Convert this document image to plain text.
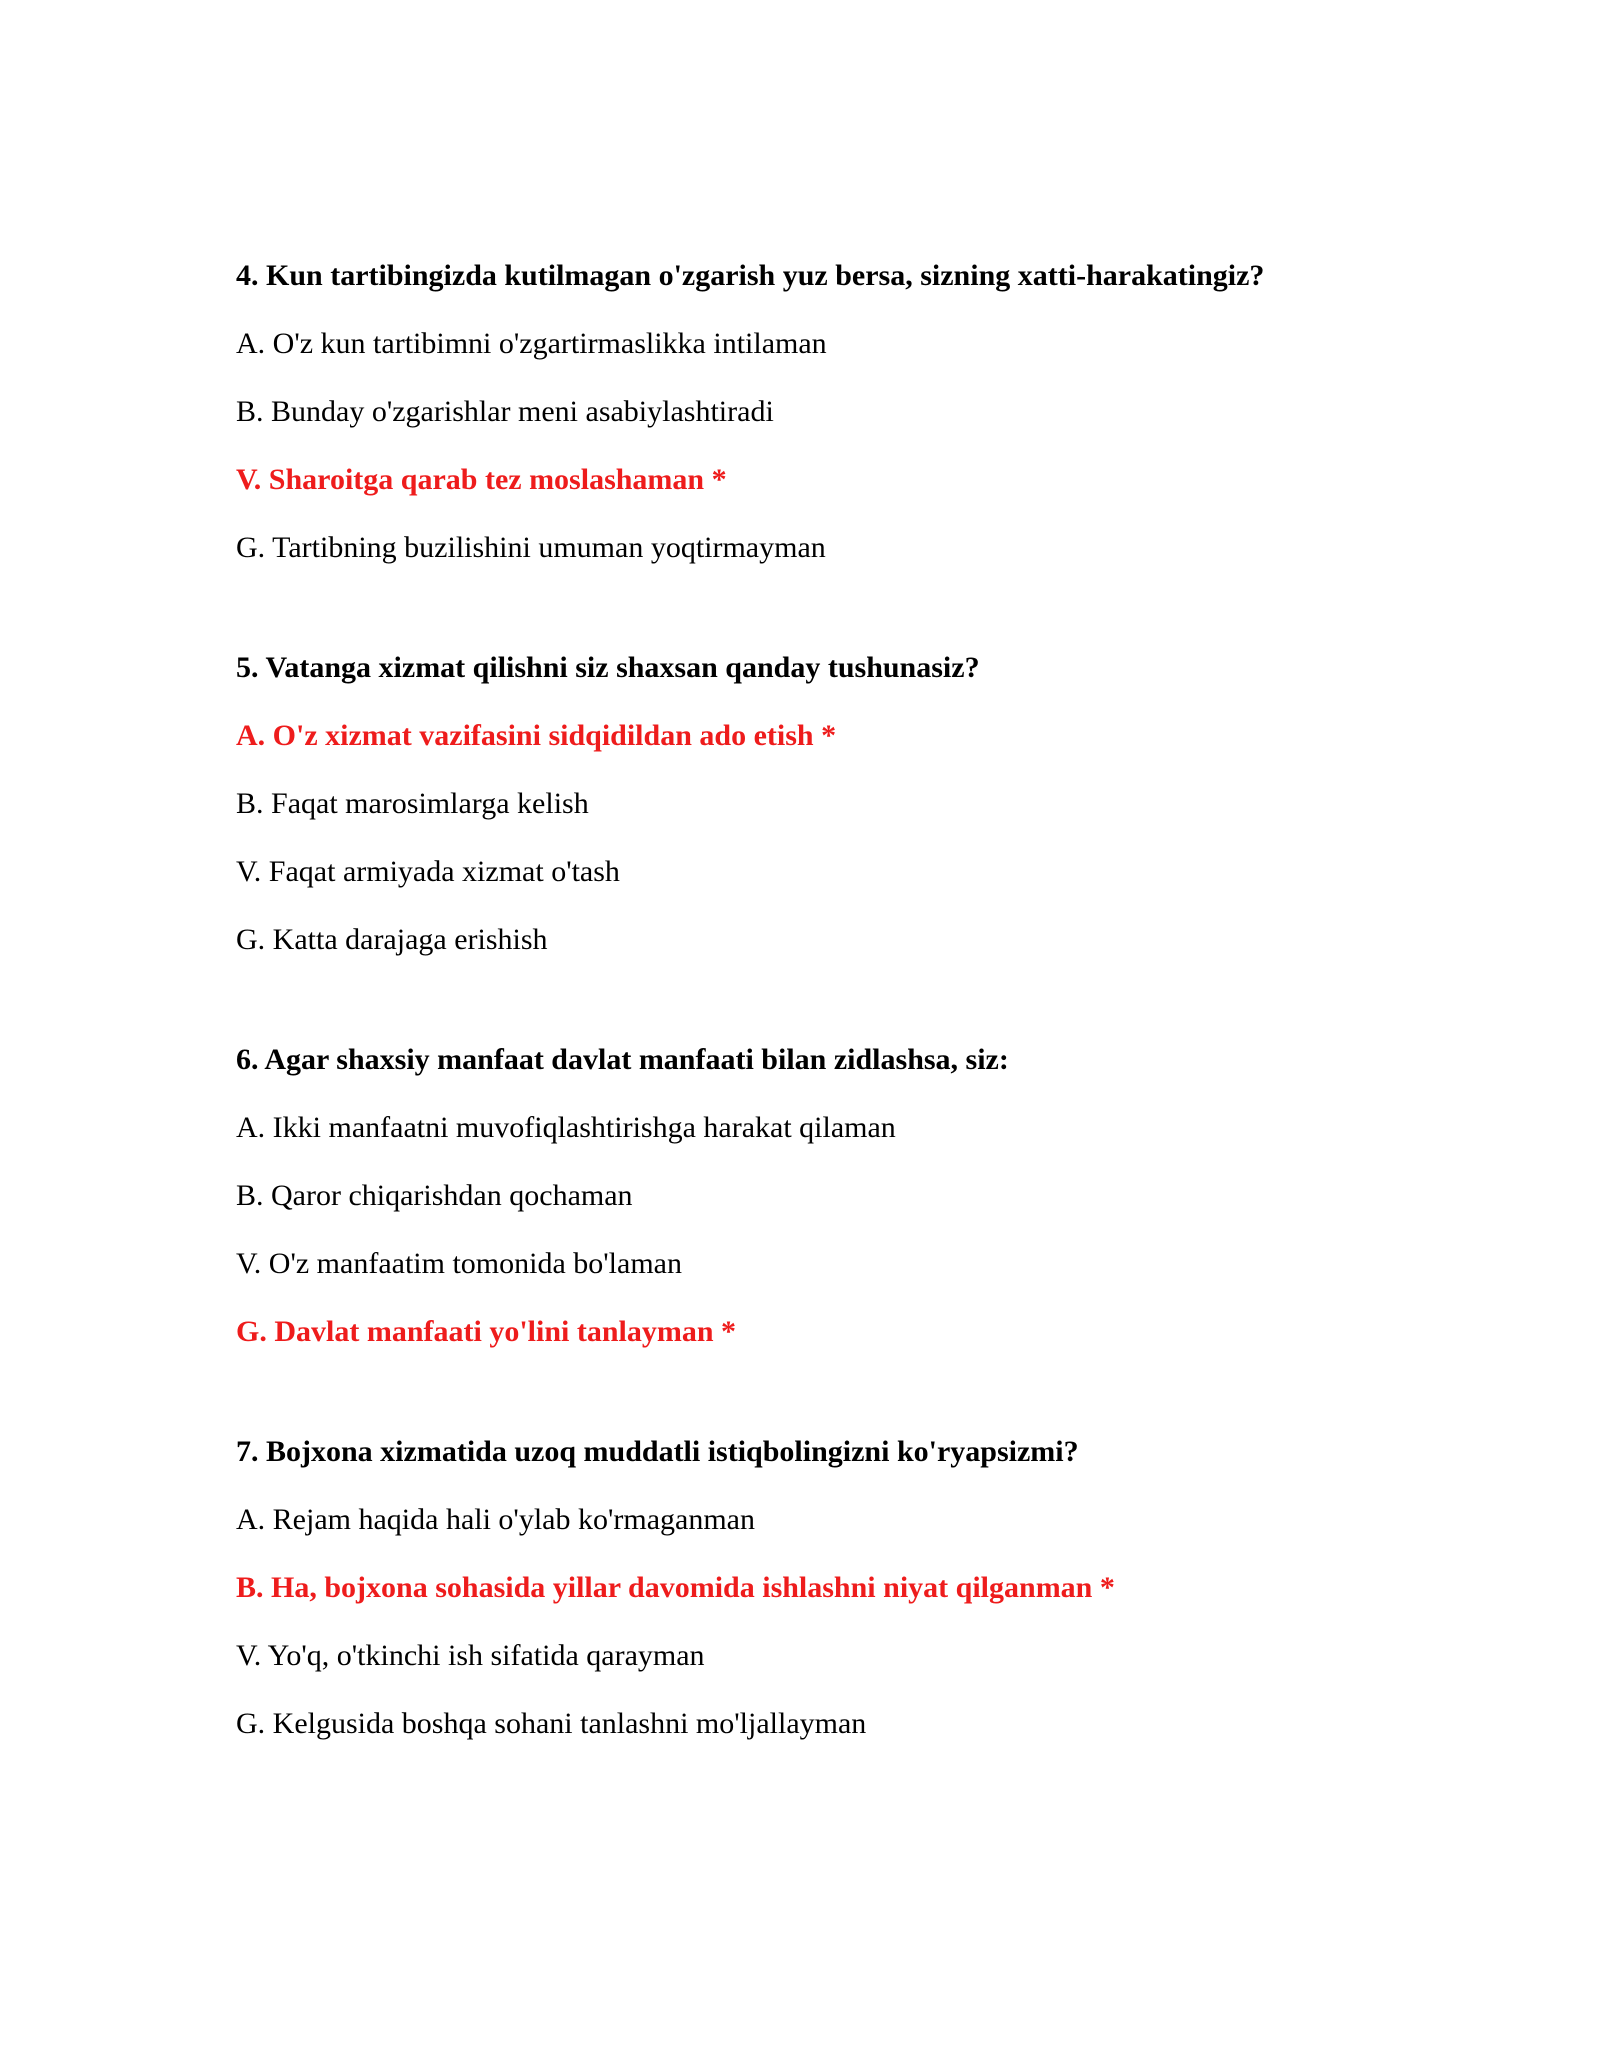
4. Kun tartibingizda kutilmagan o'zgarish yuz bersa, sizning xatti-harakatingiz?
A. O'z kun tartibimni o'zgartirmaslikka intilaman
B. Bunday o'zgarishlar meni asabiylashtiradi
V. Sharoitga qarab tez moslashaman *
G. Tartibning buzilishini umuman yoqtirmayman
5. Vatanga xizmat qilishni siz shaxsan qanday tushunasiz?
A. O'z xizmat vazifasini sidqidildan ado etish *
B. Faqat marosimlarga kelish
V. Faqat armiyada xizmat o'tash
G. Katta darajaga erishish
6. Agar shaxsiy manfaat davlat manfaati bilan zidlashsa, siz:
A. Ikki manfaatni muvofiqlashtirishga harakat qilaman
B. Qaror chiqarishdan qochaman
V. O'z manfaatim tomonida bo'laman
G. Davlat manfaati yo'lini tanlayman *
7. Bojxona xizmatida uzoq muddatli istiqbolingizni ko'ryapsizmi?
A. Rejam haqida hali o'ylab ko'rmaganman
B. Ha, bojxona sohasida yillar davomida ishlashni niyat qilganman *
V. Yo'q, o'tkinchi ish sifatida qarayman
G. Kelgusida boshqa sohani tanlashni mo'ljallayman
